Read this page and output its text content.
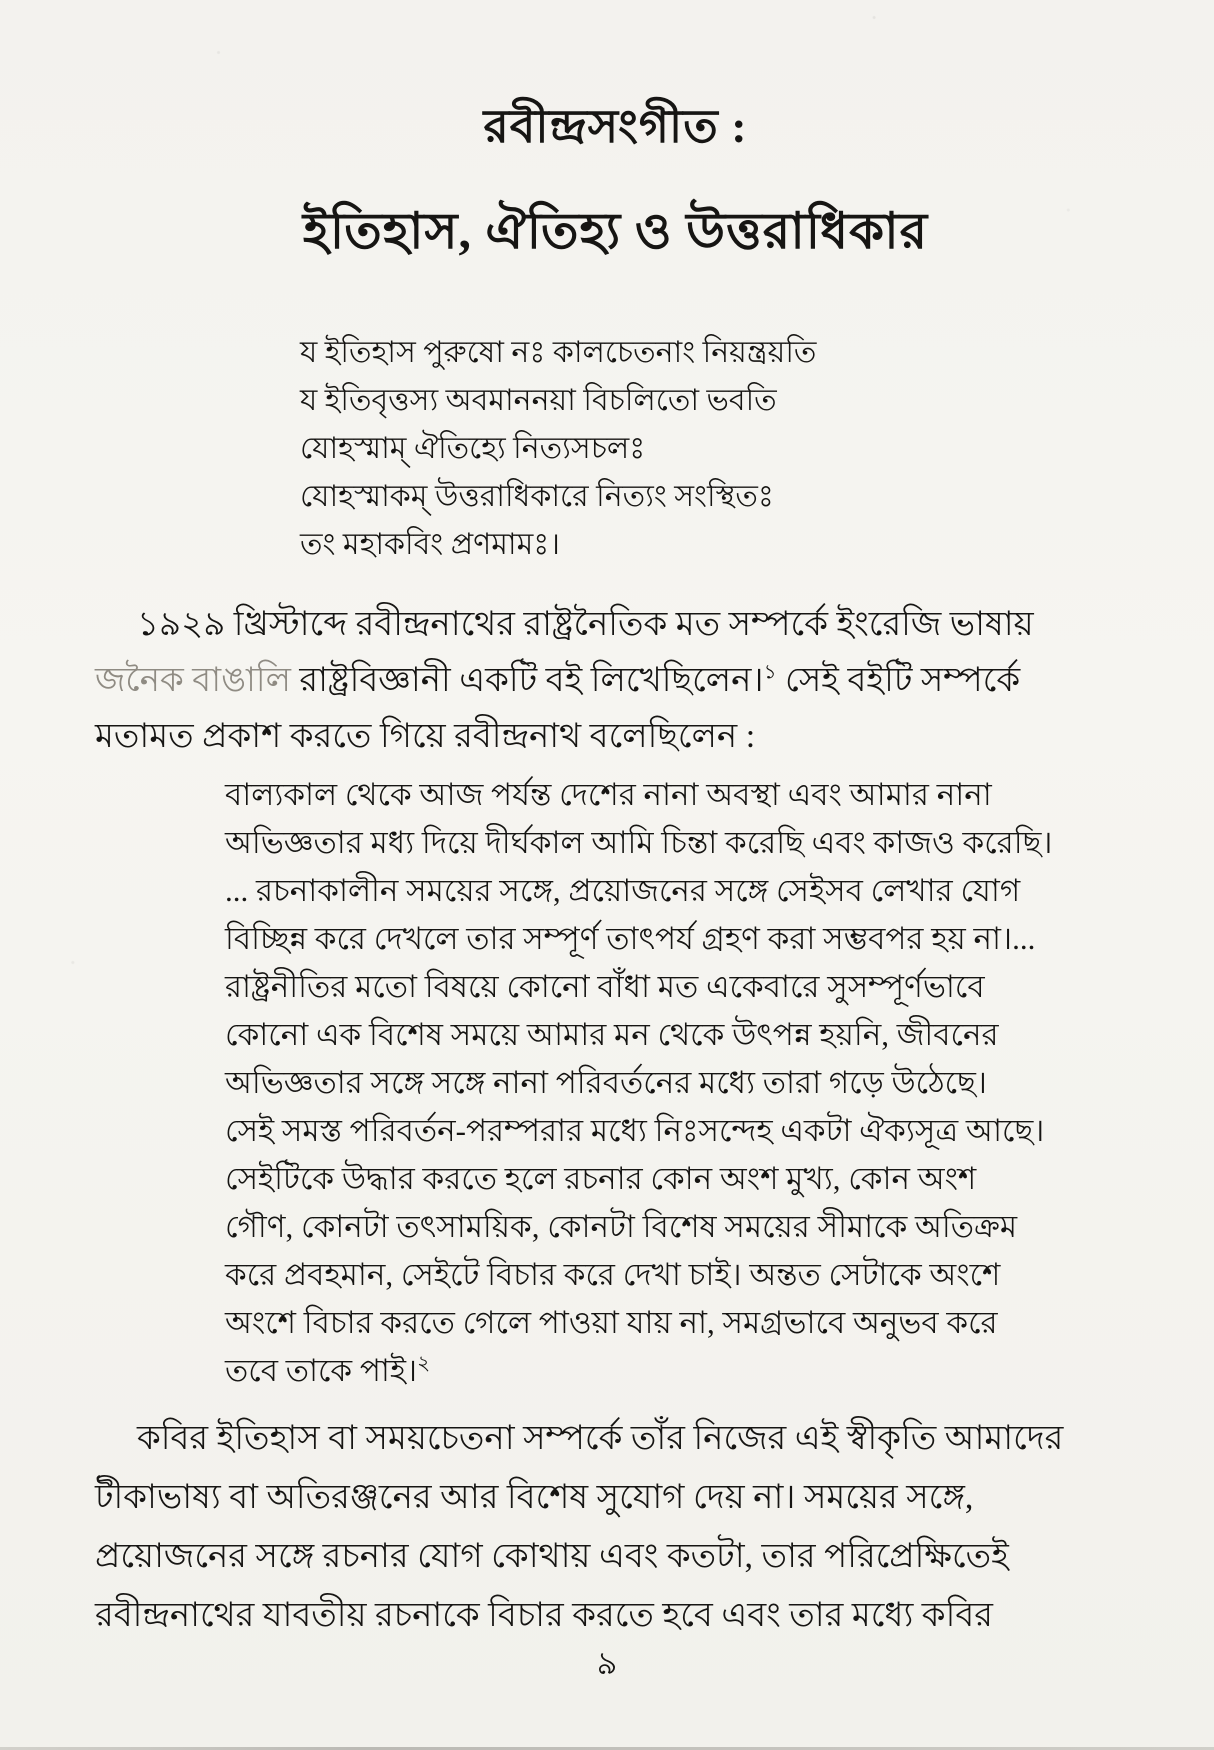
রবীন্দ্রসংগীত :
ইতিহাস, ঐতিহ্য ও উত্তরাধিকার
য ইতিহাস পুরুষো নঃ কালচেতনাং নিয়ন্ত্রয়তি
য ইতিবৃত্তস্য অবমাননয়া বিচলিতো ভবতি
যোহস্মাম্ ঐতিহ্যে নিত্যসচলঃ
যোহস্মাকম্ উত্তরাধিকারে নিত্যং সংস্থিতঃ
তং মহাকবিং প্রণমামঃ।
১৯২৯ খ্রিস্টাব্দে রবীন্দ্রনাথের রাষ্ট্রনৈতিক মত সম্পর্কে ইংরেজি ভাষায়
জনৈক বাঙালি রাষ্ট্রবিজ্ঞানী একটি বই লিখেছিলেন।$^১$ সেই বইটি সম্পর্কে
মতামত প্রকাশ করতে গিয়ে রবীন্দ্রনাথ বলেছিলেন :
বাল্যকাল থেকে আজ পর্যন্ত দেশের নানা অবস্থা এবং আমার নানা
অভিজ্ঞতার মধ্য দিয়ে দীর্ঘকাল আমি চিন্তা করেছি এবং কাজও করেছি।
... রচনাকালীন সময়ের সঙ্গে, প্রয়োজনের সঙ্গে সেইসব লেখার যোগ
বিচ্ছিন্ন করে দেখলে তার সম্পূর্ণ তাৎপর্য গ্রহণ করা সম্ভবপর হয় না।...
রাষ্ট্রনীতির মতো বিষয়ে কোনো বাঁধা মত একেবারে সুসম্পূর্ণভাবে
কোনো এক বিশেষ সময়ে আমার মন থেকে উৎপন্ন হয়নি, জীবনের
অভিজ্ঞতার সঙ্গে সঙ্গে নানা পরিবর্তনের মধ্যে তারা গড়ে উঠেছে।
সেই সমস্ত পরিবর্তন-পরম্পরার মধ্যে নিঃসন্দেহ একটা ঐক্যসূত্র আছে।
সেইটিকে উদ্ধার করতে হলে রচনার কোন অংশ মুখ্য, কোন অংশ
গৌণ, কোনটা তৎসাময়িক, কোনটা বিশেষ সময়ের সীমাকে অতিক্রম
করে প্রবহমান, সেইটে বিচার করে দেখা চাই। অন্তত সেটাকে অংশে
অংশে বিচার করতে গেলে পাওয়া যায় না, সমগ্রভাবে অনুভব করে
তবে তাকে পাই।$^২$
কবির ইতিহাস বা সময়চেতনা সম্পর্কে তাঁর নিজের এই স্বীকৃতি আমাদের
টীকাভাষ্য বা অতিরঞ্জনের আর বিশেষ সুযোগ দেয় না। সময়ের সঙ্গে,
প্রয়োজনের সঙ্গে রচনার যোগ কোথায় এবং কতটা, তার পরিপ্রেক্ষিতেই
রবীন্দ্রনাথের যাবতীয় রচনাকে বিচার করতে হবে এবং তার মধ্যে কবির
৯
